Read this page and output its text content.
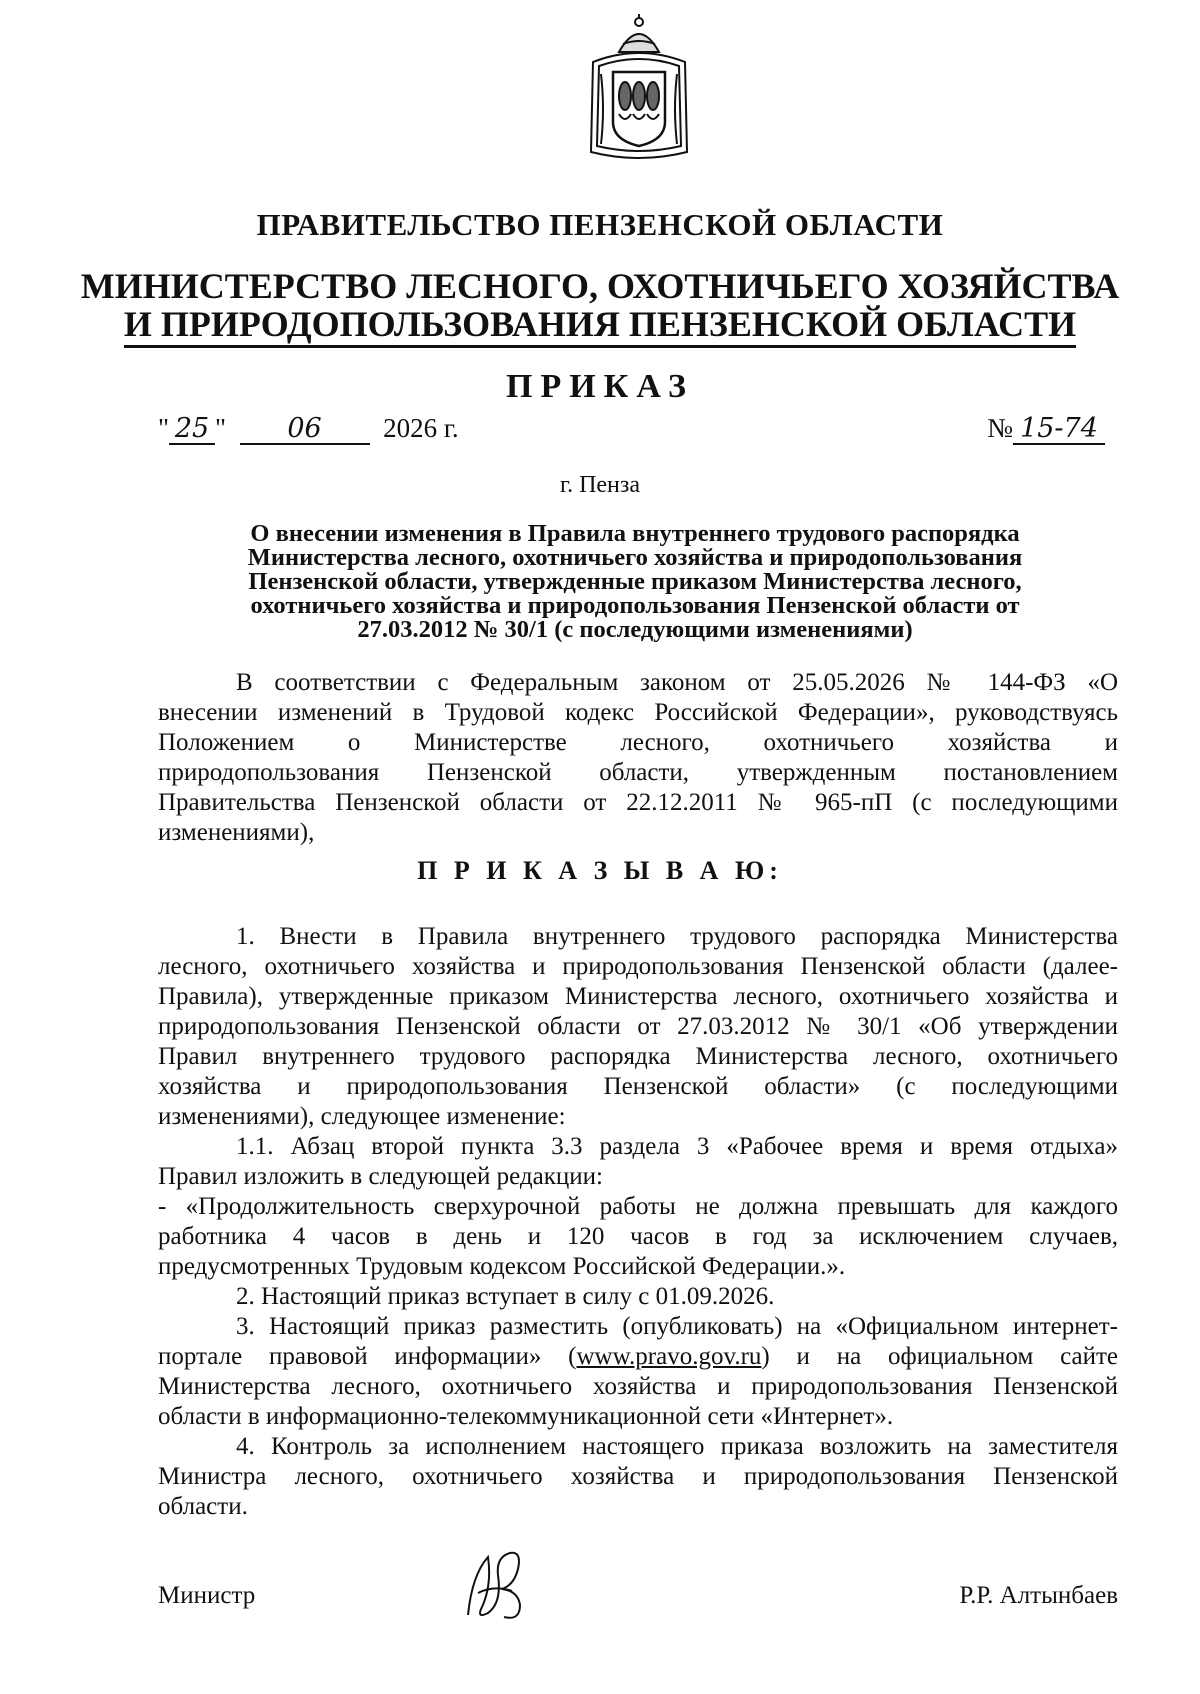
ПРАВИТЕЛЬСТВО ПЕНЗЕНСКОЙ ОБЛАСТИ
МИНИСТЕРСТВО ЛЕСНОГО, ОХОТНИЧЬЕГО ХОЗЯЙСТВА
И ПРИРОДОПОЛЬЗОВАНИЯ ПЕНЗЕНСКОЙ ОБЛАСТИ
ПРИКАЗ
" 25 "  06 2026 г.	№ 15-74
г. Пенза
О внесении изменения в Правила внутреннего трудового распорядка
Министерства лесного, охотничьего хозяйства и природопользования
Пензенской области, утвержденные приказом Министерства лесного,
охотничьего хозяйства и природопользования Пензенской области от
27.03.2012 № 30/1 (с последующими изменениями)
В соответствии с Федеральным законом от 25.05.2026 № 144-ФЗ «О
внесении изменений в Трудовой кодекс Российской Федерации», руководствуясь
Положением о Министерстве лесного, охотничьего хозяйства и
природопользования Пензенской области, утвержденным постановлением
Правительства Пензенской области от 22.12.2011 № 965-пП (с последующими
изменениями),
П Р И К А З Ы В А Ю:
1. Внести в Правила внутреннего трудового распорядка Министерства
лесного, охотничьего хозяйства и природопользования Пензенской области (далее-
Правила), утвержденные приказом Министерства лесного, охотничьего хозяйства и
природопользования Пензенской области от 27.03.2012 № 30/1 «Об утверждении
Правил внутреннего трудового распорядка Министерства лесного, охотничьего
хозяйства и природопользования Пензенской области» (с последующими
изменениями), следующее изменение:
1.1. Абзац второй пункта 3.3 раздела 3 «Рабочее время и время отдыха»
Правил изложить в следующей редакции:
- «Продолжительность сверхурочной работы не должна превышать для каждого
работника 4 часов в день и 120 часов в год за исключением случаев,
предусмотренных Трудовым кодексом Российской Федерации.».
2. Настоящий приказ вступает в силу с 01.09.2026.
3. Настоящий приказ разместить (опубликовать) на «Официальном интернет-
портале правовой информации» (www.pravo.gov.ru) и на официальном сайте
Министерства лесного, охотничьего хозяйства и природопользования Пензенской
области в информационно-телекоммуникационной сети «Интернет».
4. Контроль за исполнением настоящего приказа возложить на заместителя
Министра лесного, охотничьего хозяйства и природопользования Пензенской
области.
Министр	Р.Р. Алтынбаев
